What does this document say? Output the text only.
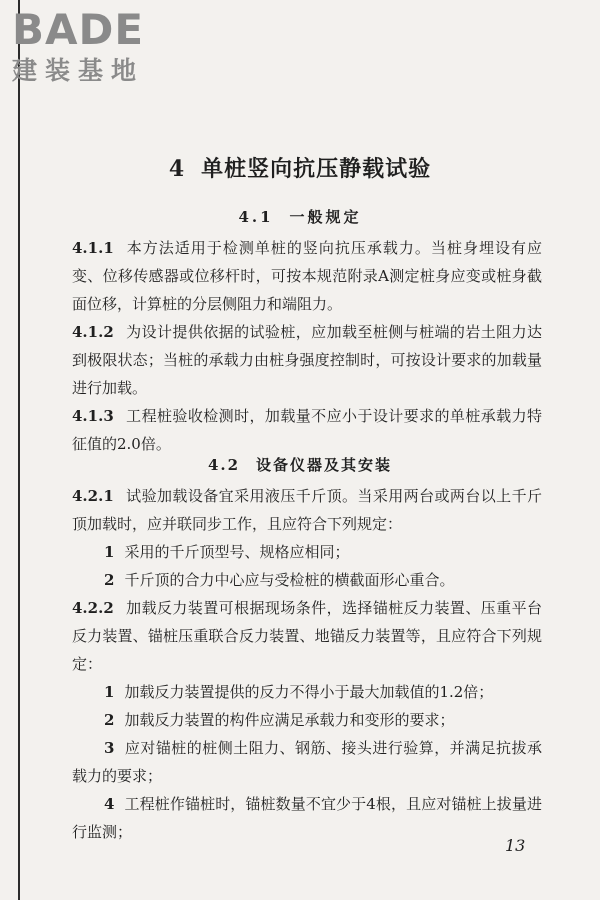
BADE
建装基地
4 单桩竖向抗压静载试验
4.1 一般规定

4.1.1 本方法适用于检测单桩的竖向抗压承载力。当桩身埋设有应变、位移传感器或位移杆时，可按本规范附录A测定桩身应变或桩身截面位移，计算桩的分层侧阻力和端阻力。

4.1.2 为设计提供依据的试验桩，应加载至桩侧与桩端的岩土阻力达到极限状态；当桩的承载力由桩身强度控制时，可按设计要求的加载量进行加载。

4.1.3 工程桩验收检测时，加载量不应小于设计要求的单桩承载力特征值的2.0倍。

4.2 设备仪器及其安装

4.2.1 试验加载设备宜采用液压千斤顶。当采用两台或两台以上千斤顶加载时，应并联同步工作，且应符合下列规定：

1 采用的千斤顶型号、规格应相同；

2 千斤顶的合力中心应与受检桩的横截面形心重合。

4.2.2 加载反力装置可根据现场条件，选择锚桩反力装置、压重平台反力装置、锚桩压重联合反力装置、地锚反力装置等，且应符合下列规定：

1 加载反力装置提供的反力不得小于最大加载值的1.2倍；

2 加载反力装置的构件应满足承载力和变形的要求；

3 应对锚桩的桩侧土阻力、钢筋、接头进行验算，并满足抗拔承载力的要求；

4 工程桩作锚桩时，锚桩数量不宜少于4根，且应对锚桩上拔量进行监测；

13
